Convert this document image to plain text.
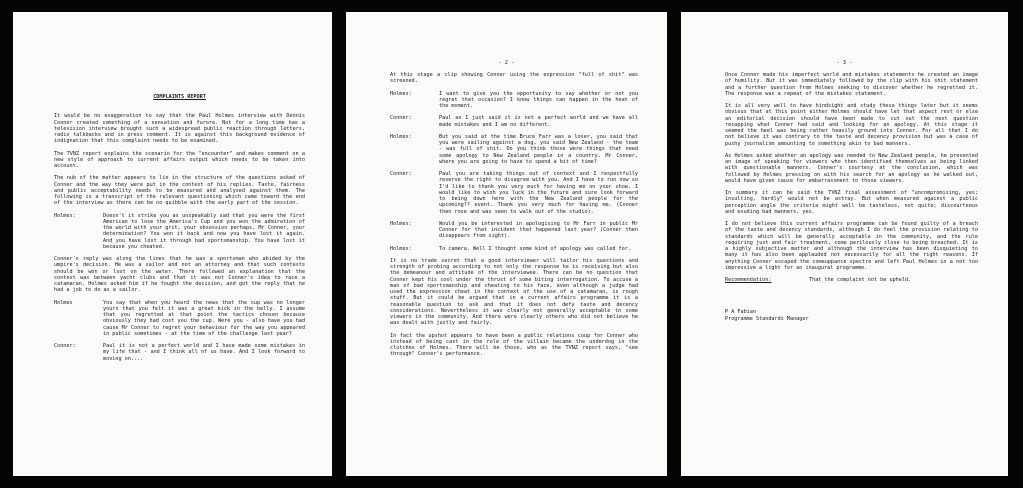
COMPLAINTS REPORT

It would be no exaggeration to say that the Paul Holmes interview with Dennis Conner created something of a sensation and furore. Not for a long time has a television interview brought such a widespread public reaction through letters, radio talkbacks and in press comment. It is against this background evidence of indignation that this complaint needs to be examined.

The TVNZ report explains the scenario for the "encounter" and makes comment on a new style of approach to current affairs output which needs to be taken into account.

The nub of the matter appears to lie in the structure of the questions asked of Conner and the way they were put in the context of his replies. Taste, fairness and public acceptability needs to be measured and analysed against them. The following is a transcript of the relevant questioning which came toward the end of the interview as there can be no quibble with the early part of the session.

Holmes:	Doesn't it strike you as unspeakably sad that you were the first American to lose the America's Cup and you won the admiration of the world with your grit, your obsession perhaps, Mr Conner, your determination? You won it back and now you have lost it again. And you have lost it through bad sportsmanship. You have lost it because you cheated.

Conner's reply was along the lines that he was a sportsman who abided by the umpire's decision. He was a sailor and not an attorney and that such contests should be won or lost on the water. There followed an explanation that the contest was between yacht clubs and that it was not Conner's idea to race a catamaran. Holmes asked him if he fought the decision, and got the reply that he had a job to do as a sailor.

Holmes	You say that when you heard the news that the cup was no longer yours that you felt it was a great kick in the belly. I assume that you regretted at that point the tactics chosen because obviously they had cost you the cup. Were you - also have you had cause Mr Conner to regret your behaviour for the way you appeared in public sometimes - at the time of the challenge last year?
Conner:	Paul it is not a perfect world and I have made some mistakes in my life that - and I think all of us have. And I look forward to moving on....
- 2 -

At this stage a clip showing Conner using the expression "full of shit" was screened.

Holmes:	I want to give you the opportunity to say whether or not you regret that occasion? I know things can happen in the heat of the moment.
Conner:	Paul as I just said it is not a perfect world and we have all made mistakes and I am no different.
Holmes:	But you said at the time Bruce Farr was a loser, you said that you were sailing against a dog, you said New Zealand - the team - was full of shit. Do you think those were things that need some apology to New Zealand people in a country, Mr Conner, where you are going to have to spend a bit of time?
Conner:	Paul you are taking things out of context and I respectfully reserve the right to disagree with you. And I have to run now so I'd like to thank you very much for having me on your show. I would like to wish you luck in the future and sure look forward to being down here with the New Zealand people for the upcoming?? event. Thank you very much for having me. (Conner then rose and was seen to walk out of the studio).
Holmes:	Would you be interested in apologising to Mr Farr in public Mr Conner for that incident that happened last year? (Conner then disappears from sight).
Holmes:	To camera. Well I thought some kind of apology was called for.

It is no trade secret that a good interviewer will tailor his questions and strength of probing according to not only the response he is receiving but also the demeanour and attitude of the interviewee. There can be no question that Conner kept his cool under the thrust of some biting interrogation. To accuse a man of bad sportsmanship and cheating to his face, even although a judge had used the expression cheat in the context of the use of a catamaran, is rough stuff. But it could be argued that in a current affairs programme it is a reasonable question to ask and that it does not defy taste and decency considerations. Nevertheless it was clearly not generally acceptable to some viewers in the community. And there were clearly others who did not believe he was dealt with justly and fairly.

In fact the upshot appears to have been a public relations coup for Conner who instead of being cast in the role of the villain became the underdog in the clutches of Holmes. There will be those, who as the TVNZ report says, "see through" Conner's performance.

- 3 -

Once Conner made his imperfect world and mistakes statements he created an image of humility. But it was immediately followed by the clip with his shit statement and a further question from Holmes seeking to discover whether he regretted it. The response was a repeat of the mistakes statement.

It is all very well to have hindsight and study these things later but it seems obvious that at this point either Holmes should have let that aspect rest or else an editorial decision should have been made to cut out the next question recapping what Conner had said and looking for an apology. At this stage it seemed the heel was being rather heavily ground into Conner. For all that I do not believe it was contrary to the taste and decency provision but was a case of pushy journalism amounting to something akin to bad manners.

As Holmes asked whether an apology was needed to New Zealand people, he presented an image of speaking for viewers who then identified themselves as being linked with questionable manners. Conner's courtesy at the conclusion, which was followed by Holmes pressing on with his search for an apology as he walked out, would have given cause for embarrassment to those viewers.

In summary it can be said the TVNZ final assessment of "uncompromising, yes; insulting, hardly" would not be astray. But when measured against a public perception angle the criteria might well be tasteless, not quite; discourteous and exuding bad manners, yes.

I do not believe this current affairs programme can be found guilty of a breach of the taste and decency standards, although I do feel the provision relating to standards which will be generally acceptable in the community, and the rule requiring just and fair treatment, come perilously close to being breached. It is a highly subjective matter and although the interview has been disquieting to many it has also been applauded not necessarily for all the right reasons. If anything Conner escaped the comeuppance spectre and left Paul Holmes in a not too impressive a light for an inaugural programme.

Recommendation:	That the complaint not be upheld.
P A Fabian
Programme Standards Manager
